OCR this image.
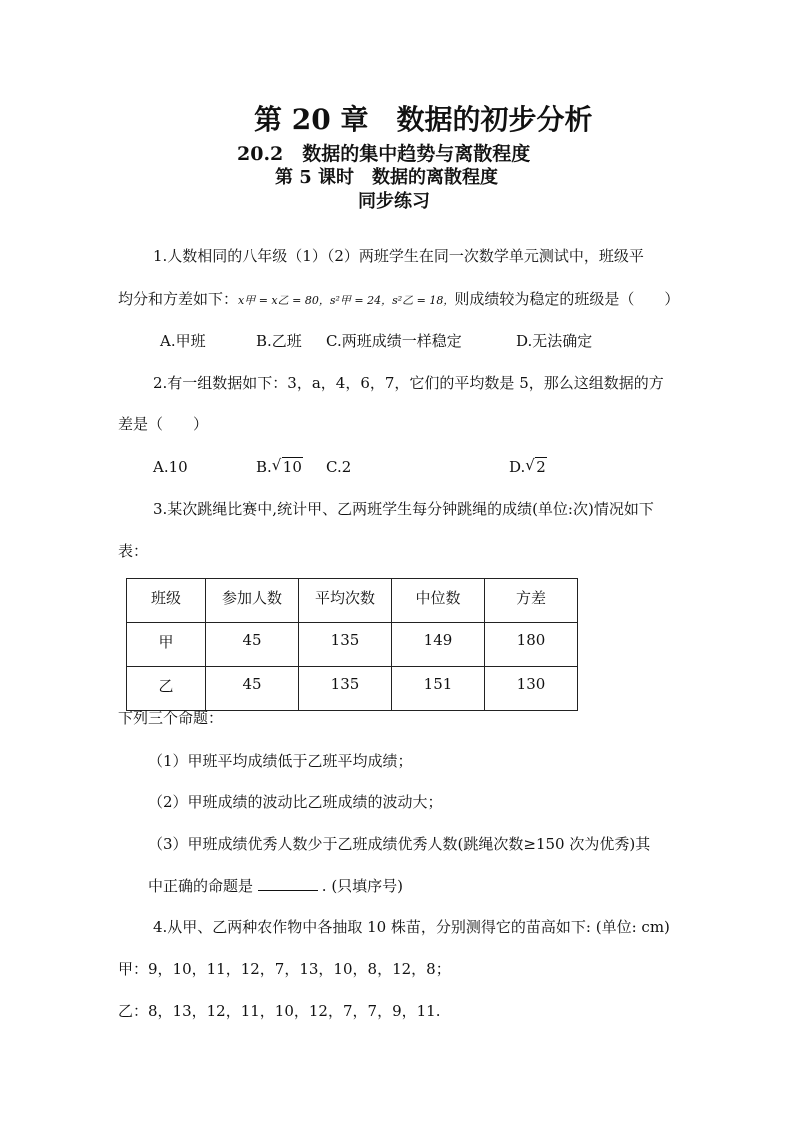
第 20 章　数据的初步分析
20.2　数据的集中趋势与离散程度
第 5 课时　数据的离散程度
同步练习
1.人数相同的八年级（1）（2）两班学生在同一次数学单元测试中，班级平
均分和方差如下：x甲 = x乙 = 80，s²甲 = 24，s²乙 = 18，则成绩较为稳定的班级是（　　）
A.甲班	B.乙班 C.两班成绩一样稳定	D.无法确定
2.有一组数据如下：3，a，4，6，7，它们的平均数是 5，那么这组数据的方
差是（　　）
A.10	B. √ 10 C.2	D. √ 2
3.某次跳绳比赛中,统计甲、乙两班学生每分钟跳绳的成绩(单位:次)情况如下
表：
班级	参加人数	平均次数	中位数	方差
甲	45	135	149	180
乙	45	135	151	130
下列三个命题：
（1）甲班平均成绩低于乙班平均成绩；
（2）甲班成绩的波动比乙班成绩的波动大；
（3）甲班成绩优秀人数少于乙班成绩优秀人数(跳绳次数≥150 次为优秀)其
中正确的命题是	. (只填序号)
4.从甲、乙两种农作物中各抽取 10 株苗，分别测得它的苗高如下: (单位: cm)
甲：9，10，11，12，7，13，10，8，12，8；
乙：8，13，12，11，10，12，7，7，9，11.
